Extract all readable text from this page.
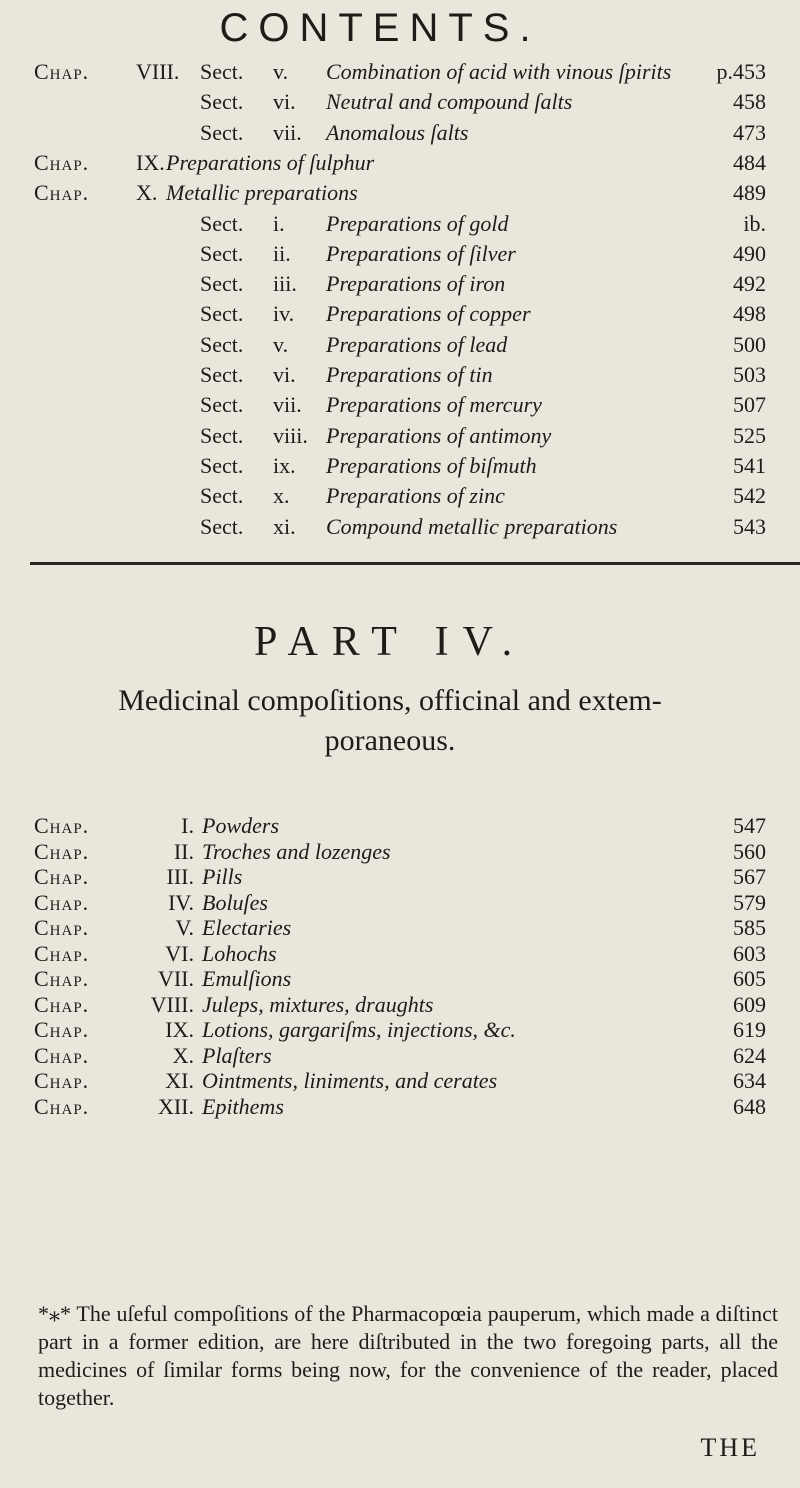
CONTENTS.
Chap. VIII. Sect. v. Combination of acid with vinous ſpirits p.453
Sect. vi. Neutral and compound ſalts	458
Sect. vii. Anomalous ſalts	473
Chap. IX. Preparations of ſulphur	484
Chap. X. Metallic preparations	489
Sect. i. Preparations of gold	ib.
Sect. ii. Preparations of ſilver	490
Sect. iii. Preparations of iron	492
Sect. iv. Preparations of copper	498
Sect. v. Preparations of lead	500
Sect. vi. Preparations of tin	503
Sect. vii. Preparations of mercury	507
Sect. viii. Preparations of antimony	525
Sect. ix. Preparations of biſmuth	541
Sect. x. Preparations of zinc	542
Sect. xi. Compound metallic preparations	543
PART IV.
Medicinal compoſitions, officinal and extem-
poraneous.
Chap.	I. Powders	547
Chap.	II. Troches and lozenges	560
Chap.	III. Pills	567
Chap.	IV. Boluſes	579
Chap.	V. Electaries	585
Chap.	VI. Lohochs	603
Chap.	VII. Emulſions	605
Chap.	VIII. Juleps, mixtures, draughts	609
Chap.	IX. Lotions, gargariſms, injections, &c.	619
Chap.	X. Plaſters	624
Chap.	XI. Ointments, liniments, and cerates	634
Chap.	XII. Epithems	648
*⁎* The uſeful compoſitions of the Pharmacopœia pauperum, which made a diſtinct part in a former edition, are here diſtributed in the two foregoing parts, all the medicines of ſimilar forms being now, for the convenience of the reader, placed together.
THE
